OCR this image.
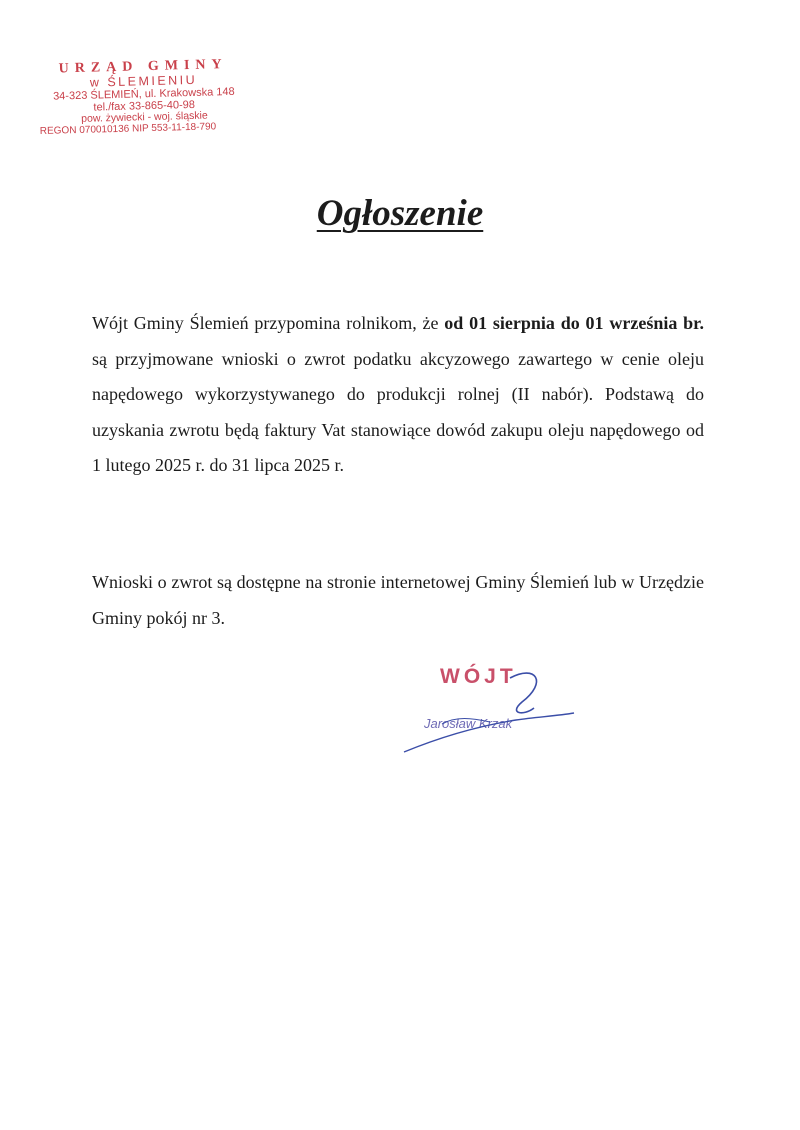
URZĄD GMINY
w ŚLEMIENIU
34-323 ŚLEMIEŃ, ul. Krakowska 148
tel./fax 33-865-40-98
pow. żywiecki - woj. śląskie
REGON 070010136 NIP 553-11-18-790
Ogłoszenie
Wójt Gminy Ślemień przypomina rolnikom, że od 01 sierpnia do 01 września br. są przyjmowane wnioski o zwrot podatku akcyzowego zawartego w cenie oleju napędowego wykorzystywanego do produkcji rolnej (II nabór). Podstawą do uzyskania zwrotu będą faktury Vat stanowiące dowód zakupu oleju napędowego od 1 lutego 2025 r. do 31 lipca 2025 r.
Wnioski o zwrot są dostępne na stronie internetowej Gminy Ślemień lub w Urzędzie Gminy pokój nr 3.
WÓJT
Jarosław Krzak
